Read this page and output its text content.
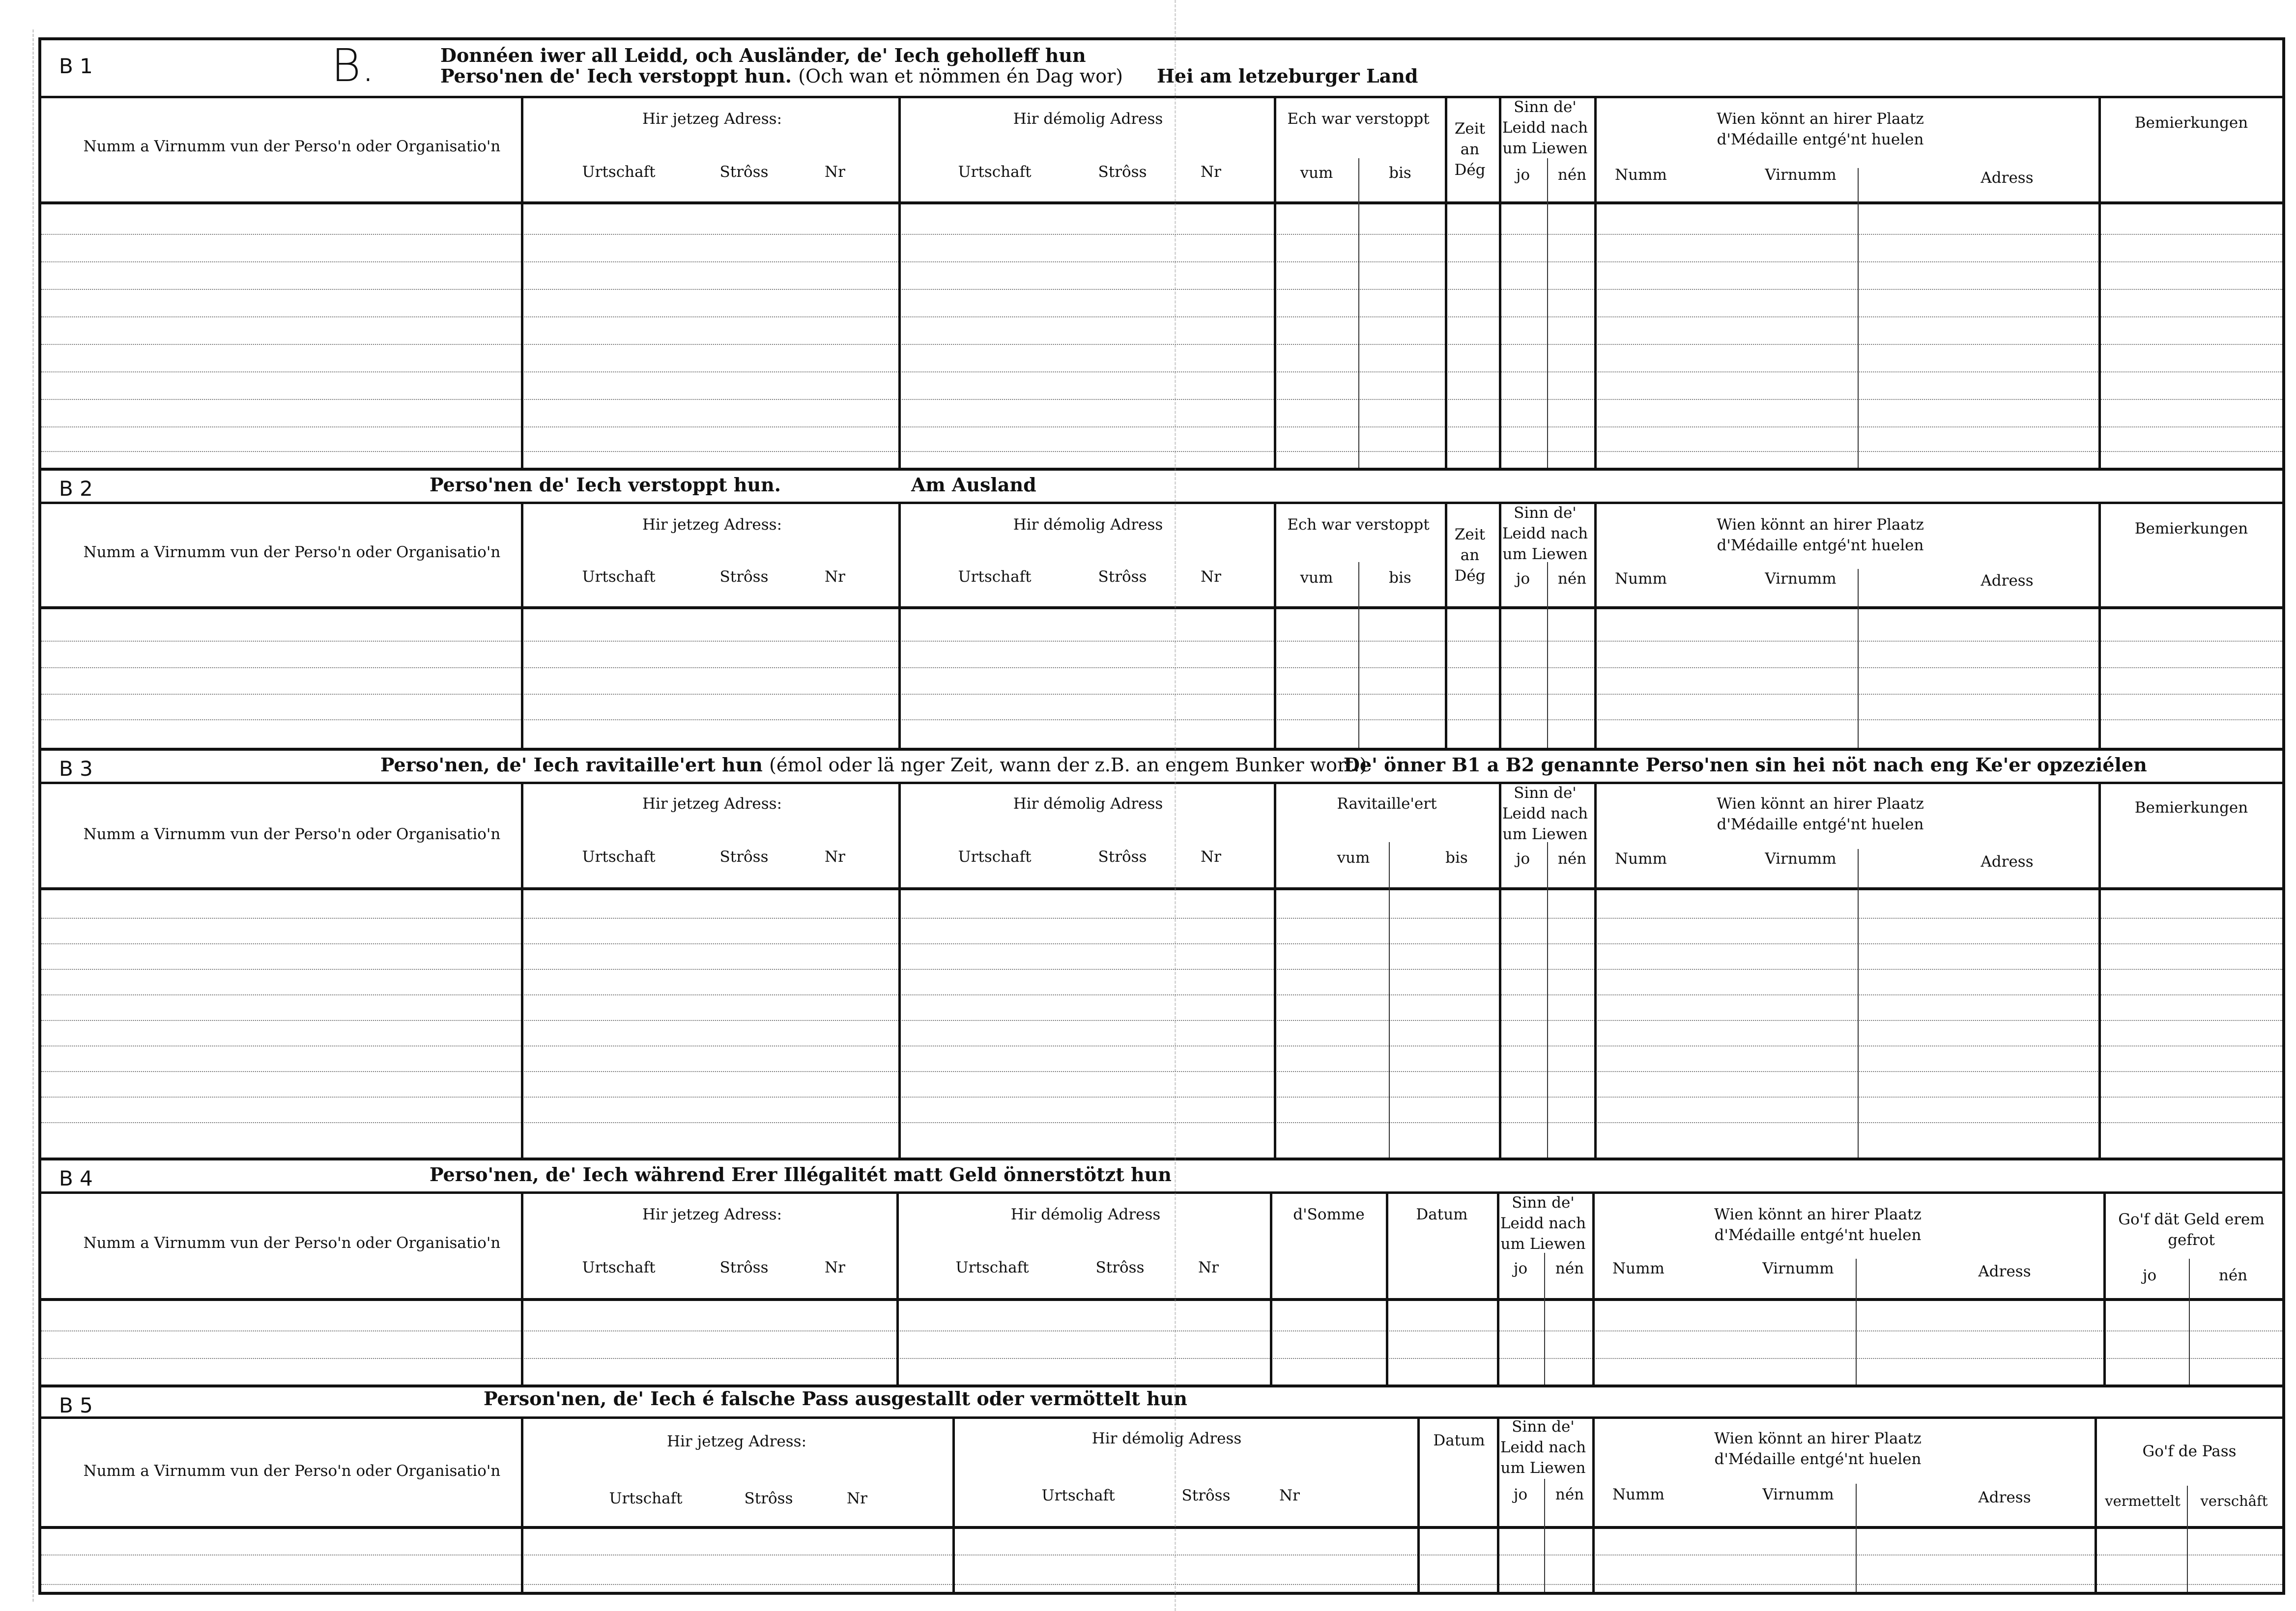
B 1	B.	Donnéen iwer all Leidd, och Ausländer, de' Iech geholleff hun
Perso'nen de' Iech verstoppt hun. (Och wan et nömmen én Dag wor) Hei am letzeburger Land
Numm a Virnumm vun der Perso'n oder Organisatio'n
Hir jetzeg Adress:
Urtschaft	Strôss	Nr
Hir démolig Adress
Urtschaft	Strôss	Nr
Ech war verstoppt
vum	bis
Zeit an Dég
Sinn de' Leidd nach um Liewen
jo	nén
Wien könnt an hirer Plaatz d'Médaille entgé'nt huelen
Numm	Virnumm	Adress
Bemierkungen
B 2	Perso'nen de' Iech verstoppt hun.	Am Ausland
Numm a Virnumm vun der Perso'n oder Organisatio'n
Hir jetzeg Adress:
Urtschaft	Strôss	Nr
Hir démolig Adress
Urtschaft	Strôss	Nr
Ech war verstoppt
vum	bis
Zeit an Dég
Sinn de' Leidd nach um Liewen
jo	nén
Wien könnt an hirer Plaatz d'Médaille entgé'nt huelen
Numm	Virnumm	Adress
Bemierkungen
B 3	Perso'nen, de' Iech ravitaille'ert hun (émol oder lä nger Zeit, wann der z.B. an engem Bunker wort.)
De' önner B1 a B2 genannte Perso'nen sin hei nöt nach eng Ke'er opzeziélen
Numm a Virnumm vun der Perso'n oder Organisatio'n
Hir jetzeg Adress:
Urtschaft	Strôss	Nr
Hir démolig Adress
Urtschaft	Strôss	Nr
Ravitaille'ert
vum	bis
Sinn de' Leidd nach um Liewen
jo	nén
Wien könnt an hirer Plaatz d'Médaille entgé'nt huelen
Numm	Virnumm	Adress
Bemierkungen
B 4	Perso'nen, de' Iech während Erer Illégalitét matt Geld önnerstötzt hun
Numm a Virnumm vun der Perso'n oder Organisatio'n
Hir jetzeg Adress:
Urtschaft	Strôss	Nr
Hir démolig Adress
Urtschaft	Strôss	Nr
d'Somme	Datum
Sinn de' Leidd nach um Liewen
jo	nén
Wien könnt an hirer Plaatz d'Médaille entgé'nt huelen
Numm	Virnumm	Adress
Go'f dät Geld erem gefrot
jo	nén
B 5	Person'nen, de' Iech é falsche Pass ausgestallt oder vermöttelt hun
Numm a Virnumm vun der Perso'n oder Organisatio'n
Hir jetzeg Adress:
Urtschaft	Strôss	Nr
Hir démolig Adress
Urtschaft	Strôss	Nr
Datum
Sinn de' Leidd nach um Liewen
jo	nén
Wien könnt an hirer Plaatz d'Médaille entgé'nt huelen
Numm	Virnumm	Adress
Go'f de Pass
vermettelt	verschâft
